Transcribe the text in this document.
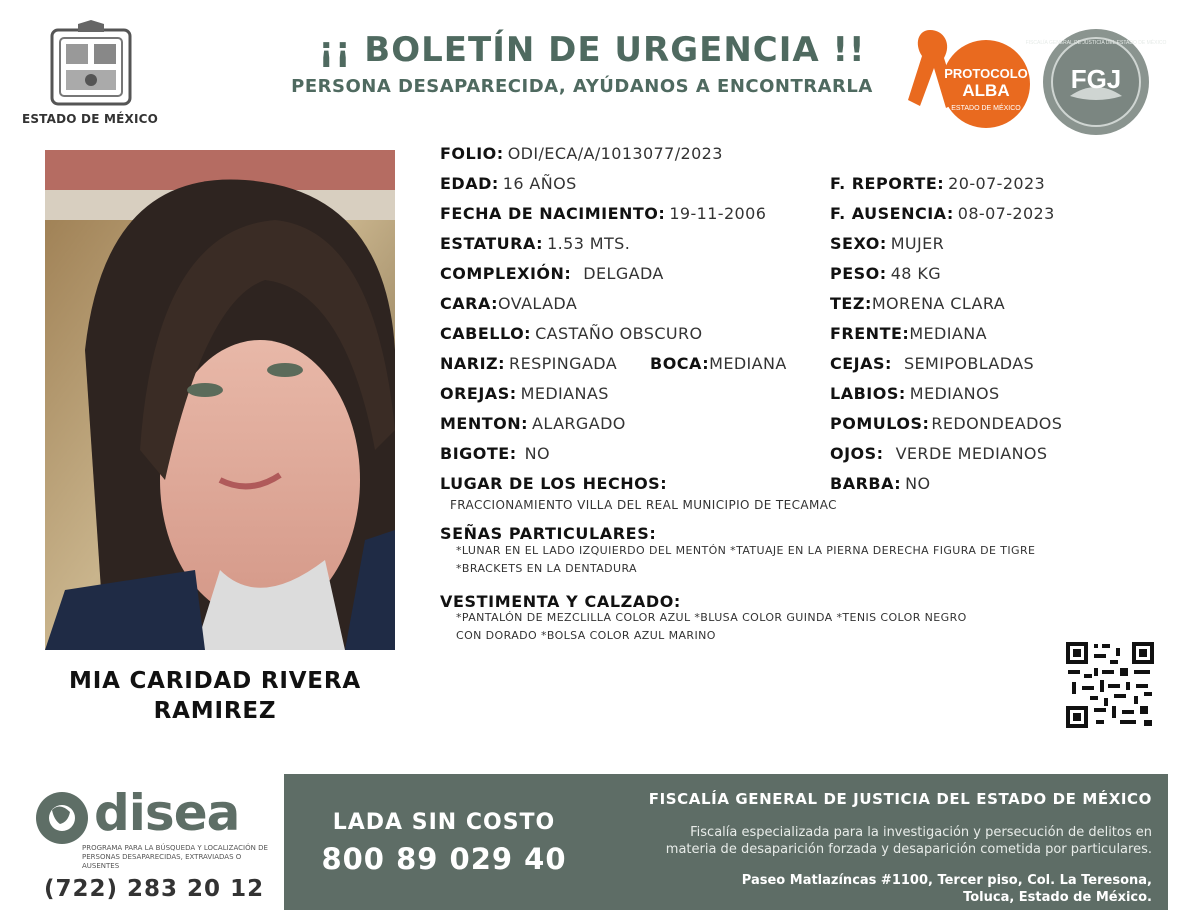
ESTADO DE MÉXICO
¡¡ BOLETÍN DE URGENCIA !!
PERSONA DESAPARECIDA, AYÚDANOS A ENCONTRARLA
PROTOCOLO
ALBA
ESTADO DE MÉXICO
FGJ
FISCALÍA GENERAL DE JUSTICIA DEL ESTADO DE MÉXICO
MIA CARIDAD RIVERA
RAMIREZ
FOLIO: ODI/ECA/A/1013077/2023
EDAD: 16 AÑOS
FECHA DE NACIMIENTO: 19-11-2006
ESTATURA: 1.53 MTS.
COMPLEXIÓN: DELGADA
CARA:OVALADA
CABELLO: CASTAÑO OBSCURO
NARIZ: RESPINGADA BOCA:MEDIANA
OREJAS: MEDIANAS
MENTON: ALARGADO
BIGOTE: NO
LUGAR DE LOS HECHOS:
FRACCIONAMIENTO VILLA DEL REAL MUNICIPIO DE TECAMAC
F. REPORTE: 20-07-2023
F. AUSENCIA: 08-07-2023
SEXO: MUJER
PESO: 48 KG
TEZ:MORENA CLARA
FRENTE:MEDIANA
CEJAS: SEMIPOBLADAS
LABIOS: MEDIANOS
POMULOS: REDONDEADOS
OJOS: VERDE MEDIANOS
BARBA: NO
SEÑAS PARTICULARES:
*LUNAR EN EL LADO IZQUIERDO DEL MENTÓN *TATUAJE EN LA PIERNA DERECHA FIGURA DE TIGRE
*BRACKETS EN LA DENTADURA
VESTIMENTA Y CALZADO:
*PANTALÓN DE MEZCLILLA COLOR AZUL *BLUSA COLOR GUINDA *TENIS COLOR NEGRO
CON DORADO *BOLSA COLOR AZUL MARINO
disea
PROGRAMA PARA LA BÚSQUEDA Y LOCALIZACIÓN DE PERSONAS DESAPARECIDAS, EXTRAVIADAS O AUSENTES
(722) 283 20 12
LADA SIN COSTO
800 89 029 40
FISCALÍA GENERAL DE JUSTICIA DEL ESTADO DE MÉXICO
Fiscalía especializada para la investigación y persecución de delitos en
materia de desaparición forzada y desaparición cometida por particulares.
Paseo Matlazíncas #1100, Tercer piso, Col. La Teresona,
Toluca, Estado de México.
